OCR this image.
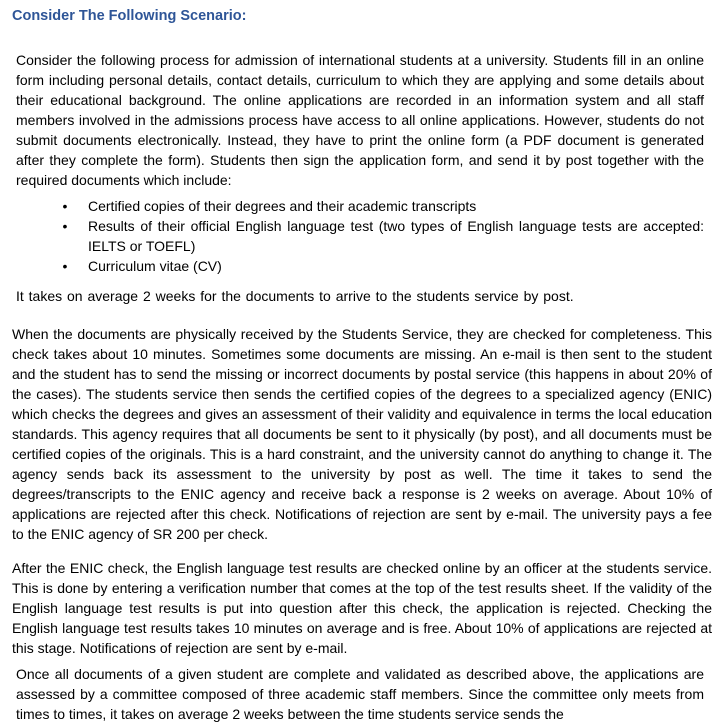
Consider The Following Scenario:

Consider the following process for admission of international students at a university. Students fill in an online form including personal details, contact details, curriculum to which they are applying and some details about their educational background. The online applications are recorded in an information system and all staff members involved in the admissions process have access to all online applications. However, students do not submit documents electronically. Instead, they have to print the online form (a PDF document is generated after they complete the form). Students then sign the application form, and send it by post together with the required documents which include:

• Certified copies of their degrees and their academic transcripts
• Results of their official English language test (two types of English language tests are accepted: IELTS or TOEFL)
• Curriculum vitae (CV)

It takes on average 2 weeks for the documents to arrive to the students service by post.

When the documents are physically received by the Students Service, they are checked for completeness. This check takes about 10 minutes. Sometimes some documents are missing. An e-mail is then sent to the student and the student has to send the missing or incorrect documents by postal service (this happens in about 20% of the cases). The students service then sends the certified copies of the degrees to a specialized agency (ENIC) which checks the degrees and gives an assessment of their validity and equivalence in terms the local education standards. This agency requires that all documents be sent to it physically (by post), and all documents must be certified copies of the originals. This is a hard constraint, and the university cannot do anything to change it. The agency sends back its assessment to the university by post as well. The time it takes to send the degrees/transcripts to the ENIC agency and receive back a response is 2 weeks on average. About 10% of applications are rejected after this check. Notifications of rejection are sent by e-mail. The university pays a fee to the ENIC agency of SR 200 per check.

After the ENIC check, the English language test results are checked online by an officer at the students service. This is done by entering a verification number that comes at the top of the test results sheet. If the validity of the English language test results is put into question after this check, the application is rejected. Checking the English language test results takes 10 minutes on average and is free. About 10% of applications are rejected at this stage. Notifications of rejection are sent by e-mail.

Once all documents of a given student are complete and validated as described above, the applications are assessed by a committee composed of three academic staff members. Since the committee only meets from times to times, it takes on average 2 weeks between the time students service sends the
